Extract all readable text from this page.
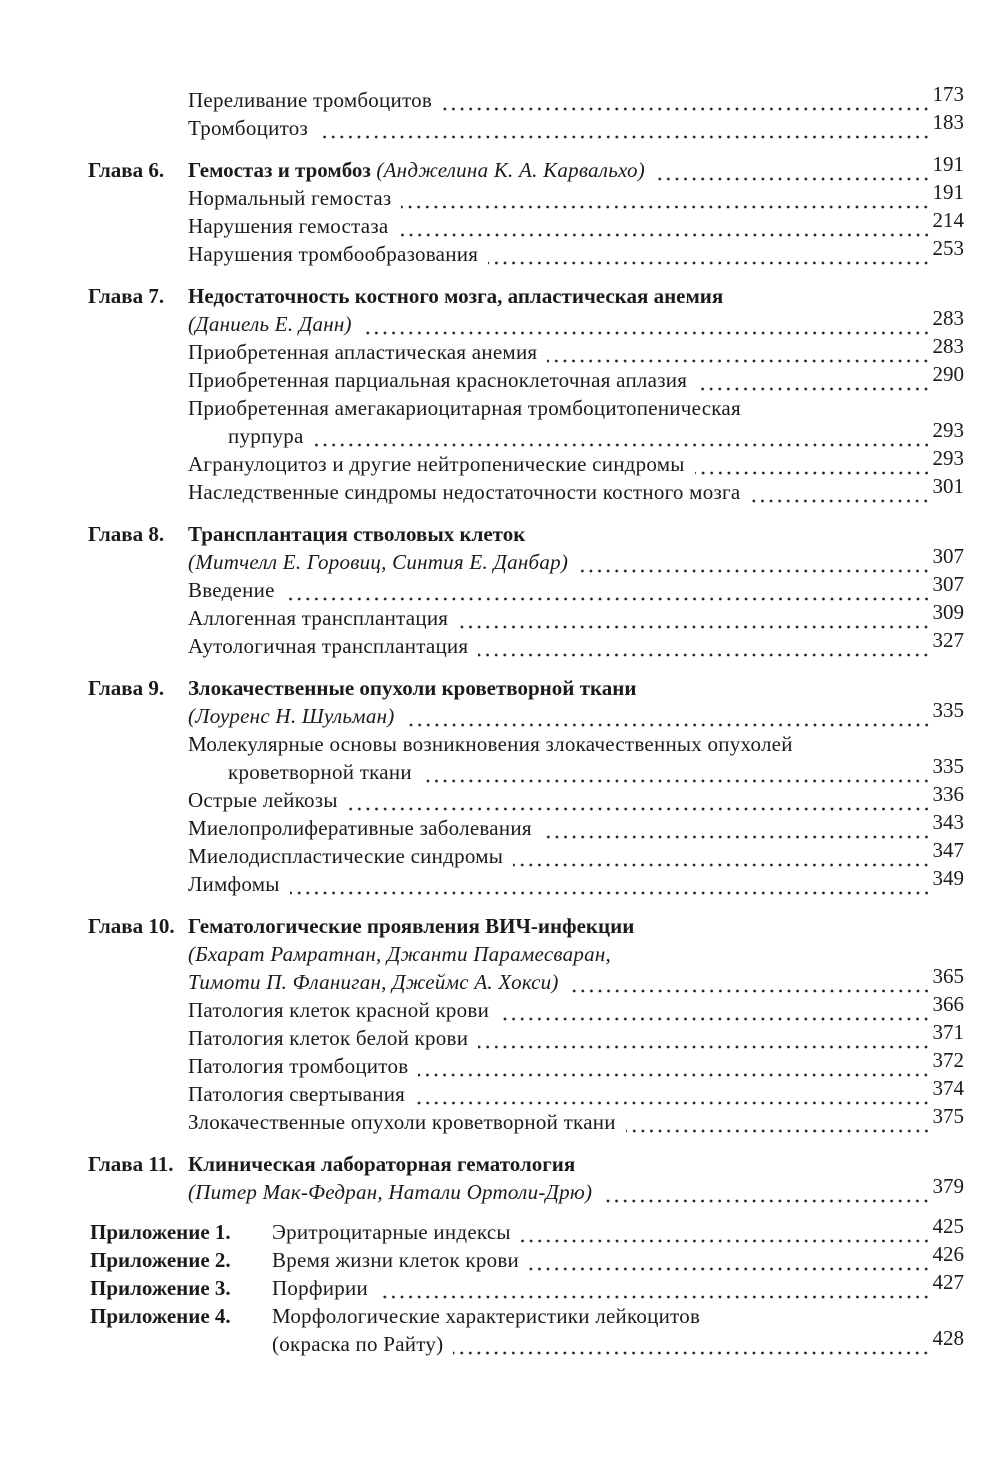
Переливание тромбоцитов	173
Тромбоцитоз	183
Глава 6. Гемостаз и тромбоз (Анджелина К. А. Карвальхо)	191
Нормальный гемостаз	191
Нарушения гемостаза	214
Нарушения тромбообразования	253
Глава 7. Недостаточность костного мозга, апластическая анемия
(Даниель Е. Данн)	283
Приобретенная апластическая анемия	283
Приобретенная парциальная красноклеточная аплазия	290
Приобретенная амегакариоцитарная тромбоцитопеническая
пурпура	293
Агранулоцитоз и другие нейтропенические синдромы	293
Наследственные синдромы недостаточности костного мозга	301
Глава 8. Трансплантация стволовых клеток
(Митчелл Е. Горовиц, Синтия Е. Данбар)	307
Введение	307
Аллогенная трансплантация	309
Аутологичная трансплантация	327
Глава 9. Злокачественные опухоли кроветворной ткани
(Лоуренс Н. Шульман)	335
Молекулярные основы возникновения злокачественных опухолей
кроветворной ткани	335
Острые лейкозы	336
Миелопролиферативные заболевания	343
Миелодиспластические синдромы	347
Лимфомы	349
Глава 10. Гематологические проявления ВИЧ-инфекции
(Бхарат Рамратнан, Джанти Парамесваран,
Тимоти П. Фланиган, Джеймс А. Хокси)	365
Патология клеток красной крови	366
Патология клеток белой крови	371
Патология тромбоцитов	372
Патология свертывания	374
Злокачественные опухоли кроветворной ткани	375
Глава 11. Клиническая лабораторная гематология
(Питер Мак-Федран, Натали Ортоли-Дрю)	379
Приложение 1. Эритроцитарные индексы	425
Приложение 2. Время жизни клеток крови	426
Приложение 3. Порфирии	427
Приложение 4. Морфологические характеристики лейкоцитов
(окраска по Райту)	428
